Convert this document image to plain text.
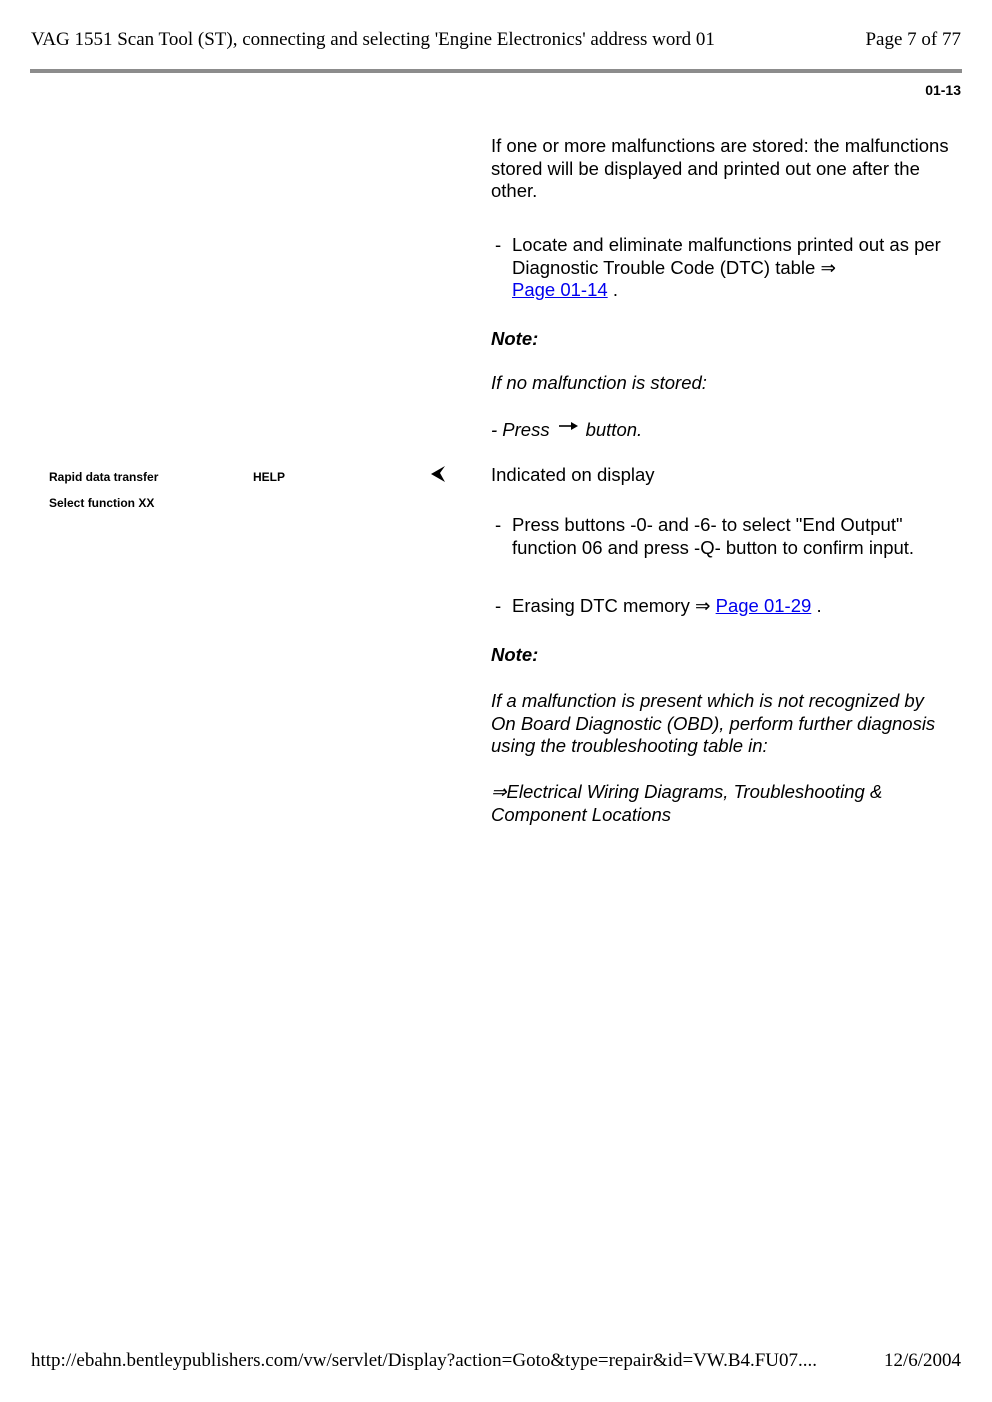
VAG 1551 Scan Tool (ST), connecting and selecting 'Engine Electronics' address word 01	Page 7 of 77
01-13
Rapid data transfer	HELP
Select function XX
If one or more malfunctions are stored: the malfunctions stored will be displayed and printed out one after the other.
- Locate and eliminate malfunctions printed out as per Diagnostic Trouble Code (DTC) table ⇒
Page 01-14 .
Note:
If no malfunction is stored:
- Press button.
Indicated on display
- Press buttons -0- and -6- to select "End Output" function 06 and press -Q- button to confirm input.
- Erasing DTC memory ⇒ Page 01-29 .
Note:
If a malfunction is present which is not recognized by On Board Diagnostic (OBD), perform further diagnosis using the troubleshooting table in:
⇒Electrical Wiring Diagrams, Troubleshooting & Component Locations
http://ebahn.bentleypublishers.com/vw/servlet/Display?action=Goto&type=repair&id=VW.B4.FU07....	12/6/2004
